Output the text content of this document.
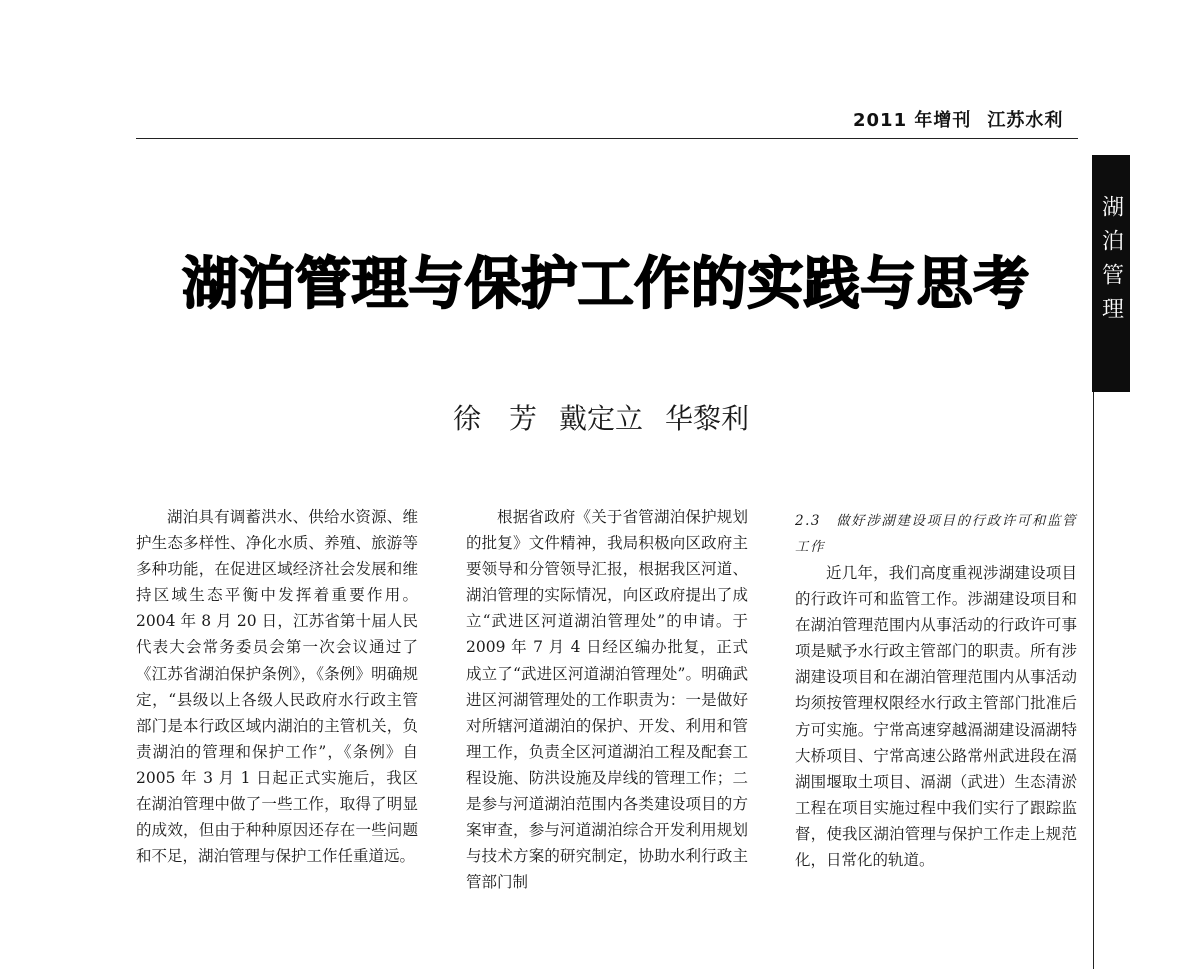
2011 年增刊 江苏水利
湖泊管理
湖泊管理与保护工作的实践与思考
徐　芳 戴定立 华黎利

湖泊具有调蓄洪水、供给水资源、维护生态多样性、净化水质、养殖、旅游等多种功能，在促进区域经济社会发展和维持区域生态平衡中发挥着重要作用。2004 年 8 月 20 日，江苏省第十届人民代表大会常务委员会第一次会议通过了《江苏省湖泊保护条例》，《条例》明确规定，“县级以上各级人民政府水行政主管部门是本行政区域内湖泊的主管机关，负责湖泊的管理和保护工作”，《条例》自 2005 年 3 月 1 日起正式实施后，我区在湖泊管理中做了一些工作，取得了明显的成效，但由于种种原因还存在一些问题和不足，湖泊管理与保护工作任重道远。

根据省政府《关于省管湖泊保护规划的批复》文件精神，我局积极向区政府主要领导和分管领导汇报，根据我区河道、湖泊管理的实际情况，向区政府提出了成立“武进区河道湖泊管理处”的申请。于 2009 年 7 月 4 日经区编办批复，正式成立了“武进区河道湖泊管理处”。明确武进区河湖管理处的工作职责为：一是做好对所辖河道湖泊的保护、开发、利用和管理工作，负责全区河道湖泊工程及配套工程设施、防洪设施及岸线的管理工作；二是参与河道湖泊范围内各类建设项目的方案审查，参与河道湖泊综合开发利用规划与技术方案的研究制定，协助水利行政主管部门制

2.3　做好涉湖建设项目的行政许可和监管工作

近几年，我们高度重视涉湖建设项目的行政许可和监管工作。涉湖建设项目和在湖泊管理范围内从事活动的行政许可事项是赋予水行政主管部门的职责。所有涉湖建设项目和在湖泊管理范围内从事活动均须按管理权限经水行政主管部门批准后方可实施。宁常高速穿越滆湖建设滆湖特大桥项目、宁常高速公路常州武进段在滆湖围堰取土项目、滆湖（武进）生态清淤工程在项目实施过程中我们实行了跟踪监督，使我区湖泊管理与保护工作走上规范化，日常化的轨道。
